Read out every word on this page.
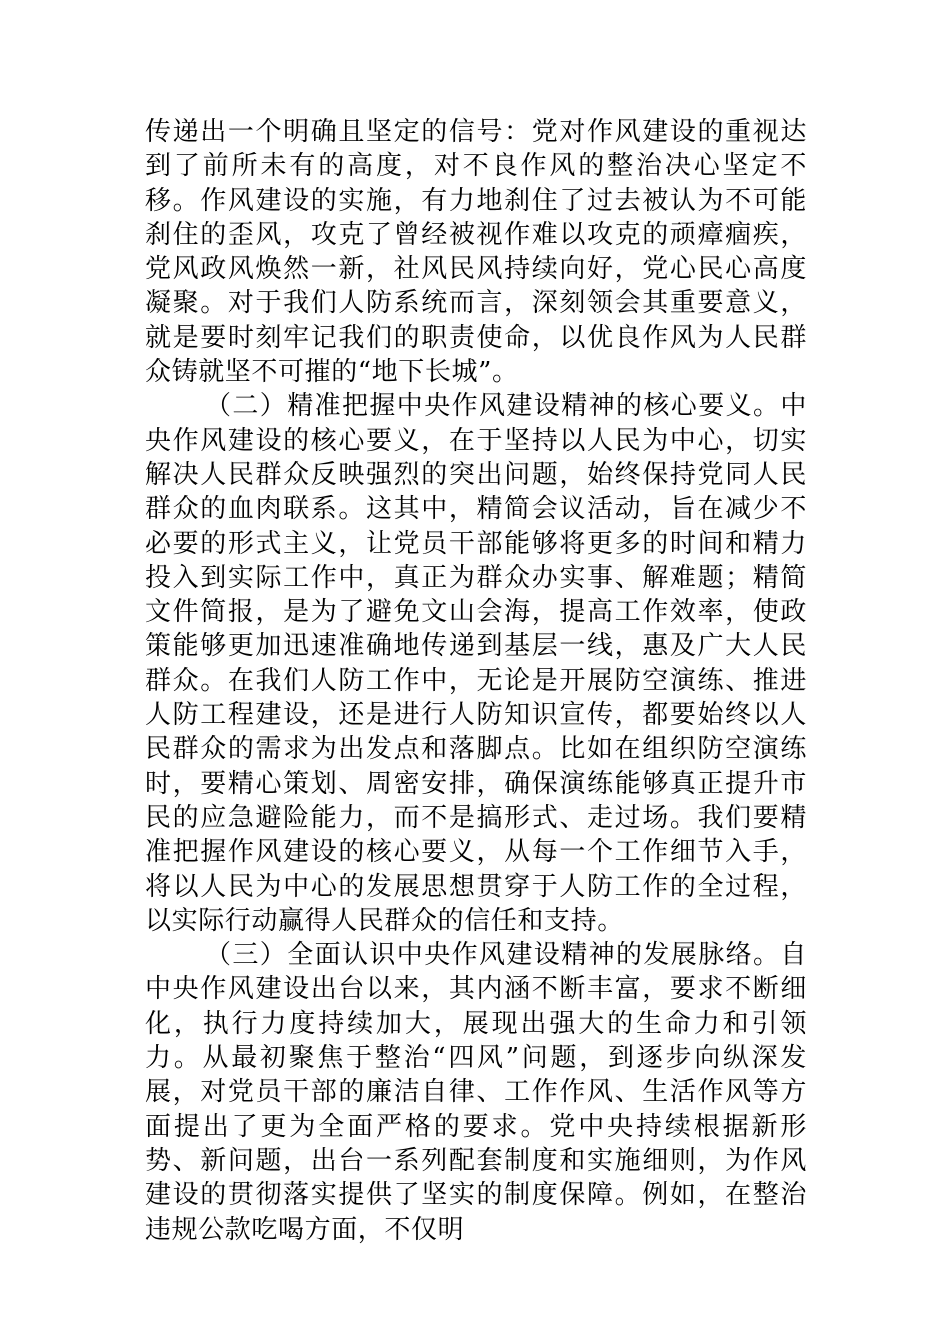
传递出一个明确且坚定的信号：党对作风建设的重视达到了前所未有的高度，对不良作风的整治决心坚定不移。作风建设的实施，有力地刹住了过去被认为不可能刹住的歪风，攻克了曾经被视作难以攻克的顽瘴痼疾，党风政风焕然一新，社风民风持续向好，党心民心高度凝聚。对于我们人防系统而言，深刻领会其重要意义，就是要时刻牢记我们的职责使命，以优良作风为人民群众铸就坚不可摧的“地下长城”。

（二）精准把握中央作风建设精神的核心要义。中央作风建设的核心要义，在于坚持以人民为中心，切实解决人民群众反映强烈的突出问题，始终保持党同人民群众的血肉联系。这其中，精简会议活动，旨在减少不必要的形式主义，让党员干部能够将更多的时间和精力投入到实际工作中，真正为群众办实事、解难题；精简文件简报，是为了避免文山会海，提高工作效率，使政策能够更加迅速准确地传递到基层一线，惠及广大人民群众。在我们人防工作中，无论是开展防空演练、推进人防工程建设，还是进行人防知识宣传，都要始终以人民群众的需求为出发点和落脚点。比如在组织防空演练时，要精心策划、周密安排，确保演练能够真正提升市民的应急避险能力，而不是搞形式、走过场。我们要精准把握作风建设的核心要义，从每一个工作细节入手，将以人民为中心的发展思想贯穿于人防工作的全过程，以实际行动赢得人民群众的信任和支持。

（三）全面认识中央作风建设精神的发展脉络。自中央作风建设出台以来，其内涵不断丰富，要求不断细化，执行力度持续加大，展现出强大的生命力和引领力。从最初聚焦于整治“四风”问题，到逐步向纵深发展，对党员干部的廉洁自律、工作作风、生活作风等方面提出了更为全面严格的要求。党中央持续根据新形势、新问题，出台一系列配套制度和实施细则，为作风建设的贯彻落实提供了坚实的制度保障。例如，在整治违规公款吃喝方面，不仅明
